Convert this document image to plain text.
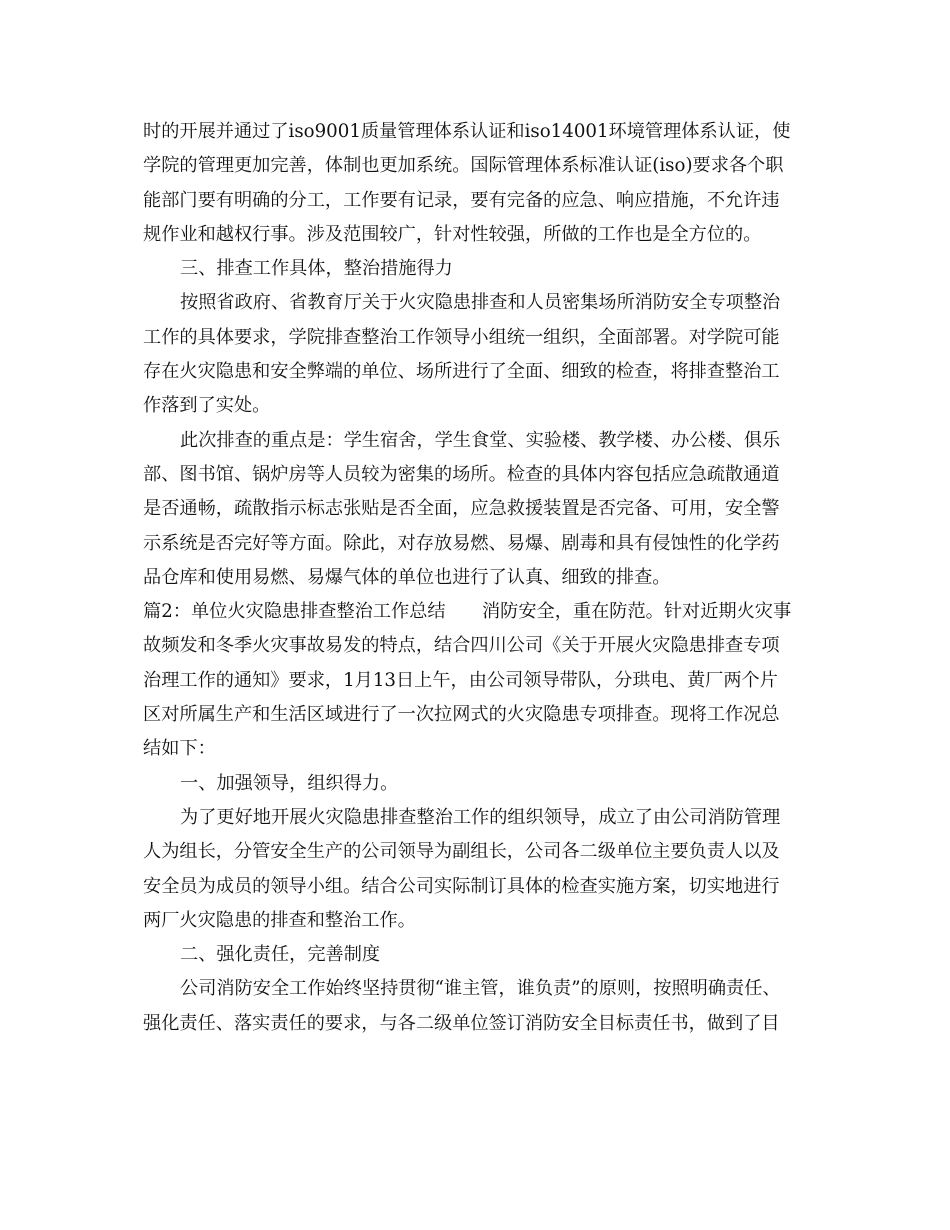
时的开展并通过了iso9001质量管理体系认证和iso14001环境管理体系认证，使
学院的管理更加完善，体制也更加系统。国际管理体系标准认证(iso)要求各个职
能部门要有明确的分工，工作要有记录，要有完备的应急、响应措施，不允许违
规作业和越权行事。涉及范围较广，针对性较强，所做的工作也是全方位的。
三、排查工作具体，整治措施得力
按照省政府、省教育厅关于火灾隐患排查和人员密集场所消防安全专项整治
工作的具体要求，学院排查整治工作领导小组统一组织，全面部署。对学院可能
存在火灾隐患和安全弊端的单位、场所进行了全面、细致的检查，将排查整治工
作落到了实处。
此次排查的重点是：学生宿舍，学生食堂、实验楼、教学楼、办公楼、俱乐
部、图书馆、锅炉房等人员较为密集的场所。检查的具体内容包括应急疏散通道
是否通畅，疏散指示标志张贴是否全面，应急救援装置是否完备、可用，安全警
示系统是否完好等方面。除此，对存放易燃、易爆、剧毒和具有侵蚀性的化学药
品仓库和使用易燃、易爆气体的单位也进行了认真、细致的排查。
篇2：单位火灾隐患排查整治工作总结　　消防安全，重在防范。针对近期火灾事
故频发和冬季火灾事故易发的特点，结合四川公司《关于开展火灾隐患排查专项
治理工作的通知》要求，1月13日上午，由公司领导带队，分珙电、黄厂两个片
区对所属生产和生活区域进行了一次拉网式的火灾隐患专项排查。现将工作况总
结如下：
一、加强领导，组织得力。
为了更好地开展火灾隐患排查整治工作的组织领导，成立了由公司消防管理
人为组长，分管安全生产的公司领导为副组长，公司各二级单位主要负责人以及
安全员为成员的领导小组。结合公司实际制订具体的检查实施方案，切实地进行
两厂火灾隐患的排查和整治工作。
二、强化责任，完善制度
公司消防安全工作始终坚持贯彻“谁主管，谁负责”的原则，按照明确责任、
强化责任、落实责任的要求，与各二级单位签订消防安全目标责任书，做到了目
